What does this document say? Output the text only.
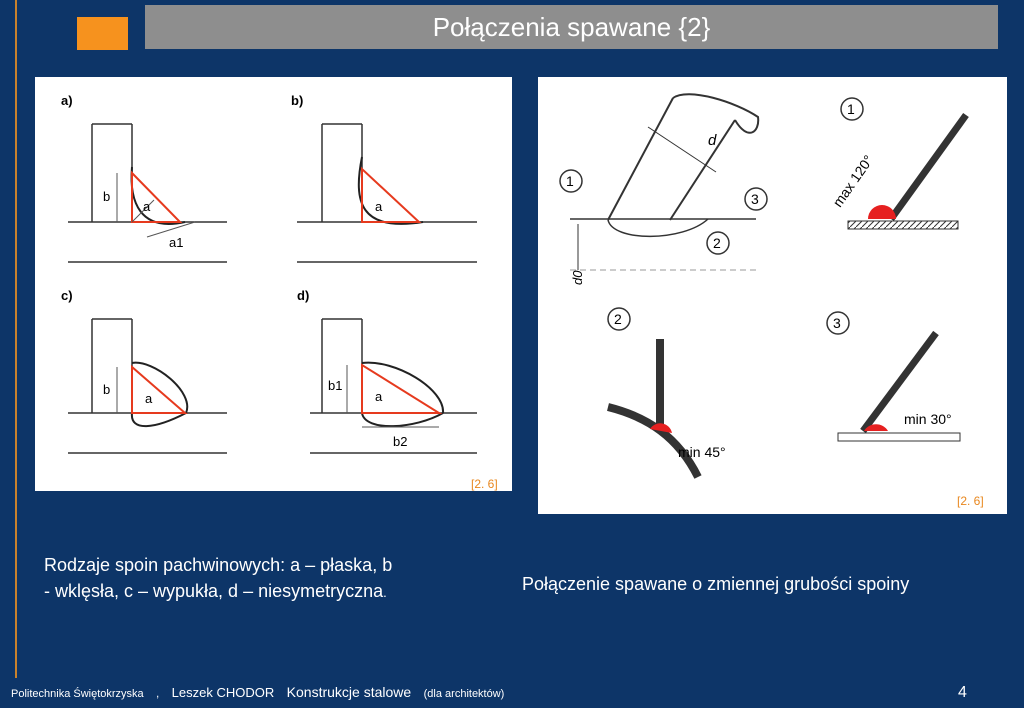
Połączenia spawane {2}
a)
b
a
a1
b)
a
c)
b
a
d)
b1
a
b2
[2. 6]
d
d0
1
3
2
1
max 120°
2
min 45°
3
min 30°
[2. 6]
Rodzaje spoin pachwinowych: a – płaska, b
- wklęsła, c – wypukła, d – niesymetryczna.	Połączenie spawane o zmiennej grubości spoiny
Politechnika Świętokrzyska , Leszek CHODOR Konstrukcje stalowe (dla architektów)	4
